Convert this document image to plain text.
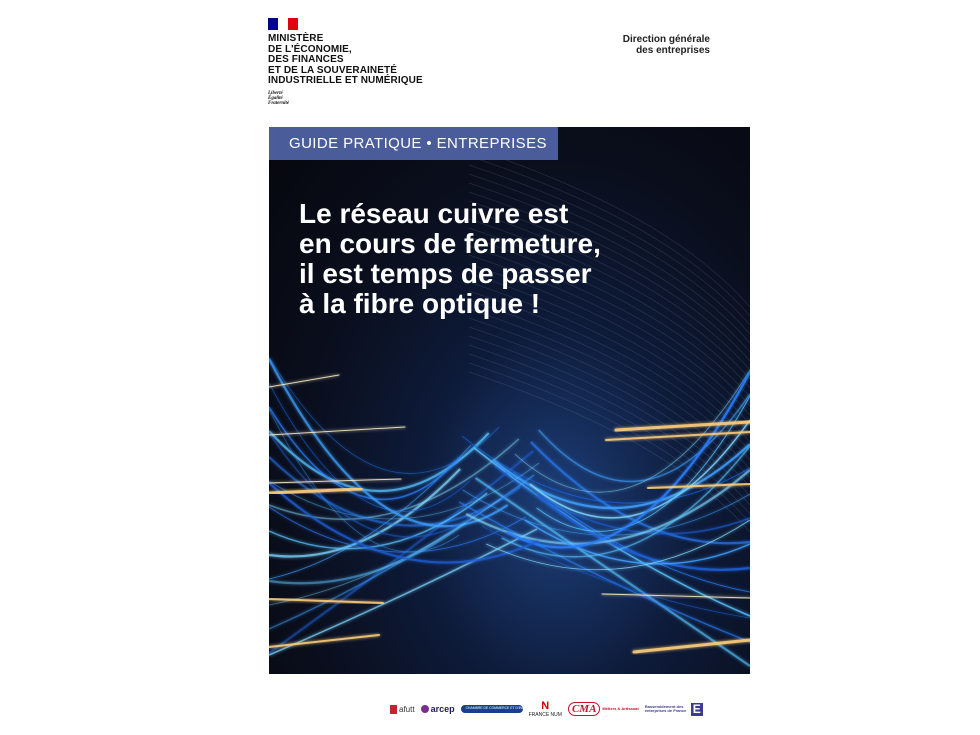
MINISTÈRE
DE L'ÉCONOMIE,
DES FINANCES
ET DE LA SOUVERAINETÉ
INDUSTRIELLE ET NUMÉRIQUE
Liberté
Égalité
Fraternité
Direction générale
des entreprises
GUIDE PRATIQUE • ENTREPRISES
Le réseau cuivre est
en cours de fermeture,
il est temps de passer
à la fibre optique !
afutt arcep	CHAMBRE DE COMMERCE ET D'INDUSTRIE N
FRANCE NUM CMA	Métiers & Artisanat Rassemblement des entreprises de France E
